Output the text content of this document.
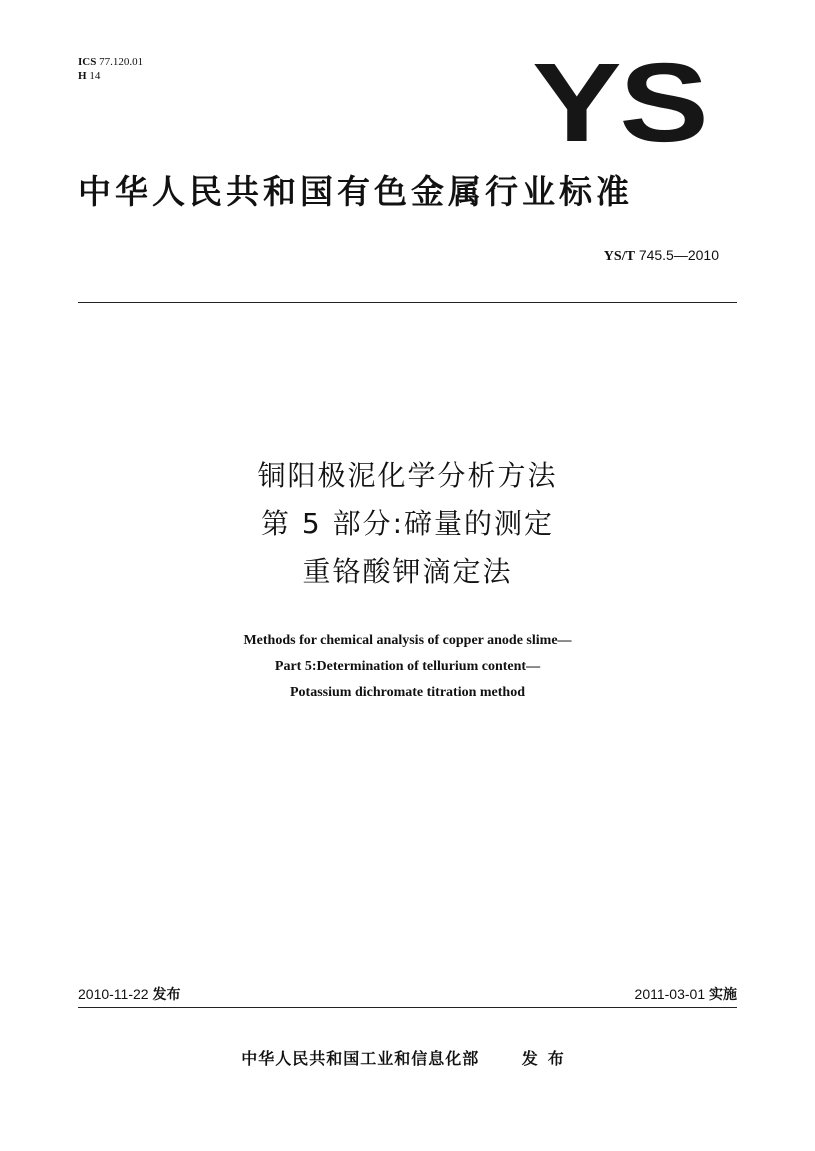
ICS 77.120.01
H 14	YS
中华人民共和国有色金属行业标准
YS/T 745.5—2010
铜阳极泥化学分析方法
第 5 部分:碲量的测定
重铬酸钾滴定法
Methods for chemical analysis of copper anode slime—
Part 5:Determination of tellurium content—
Potassium dichromate titration method
2010-11-22 发布	2011-03-01 实施
中华人民共和国工业和信息化部	发布
